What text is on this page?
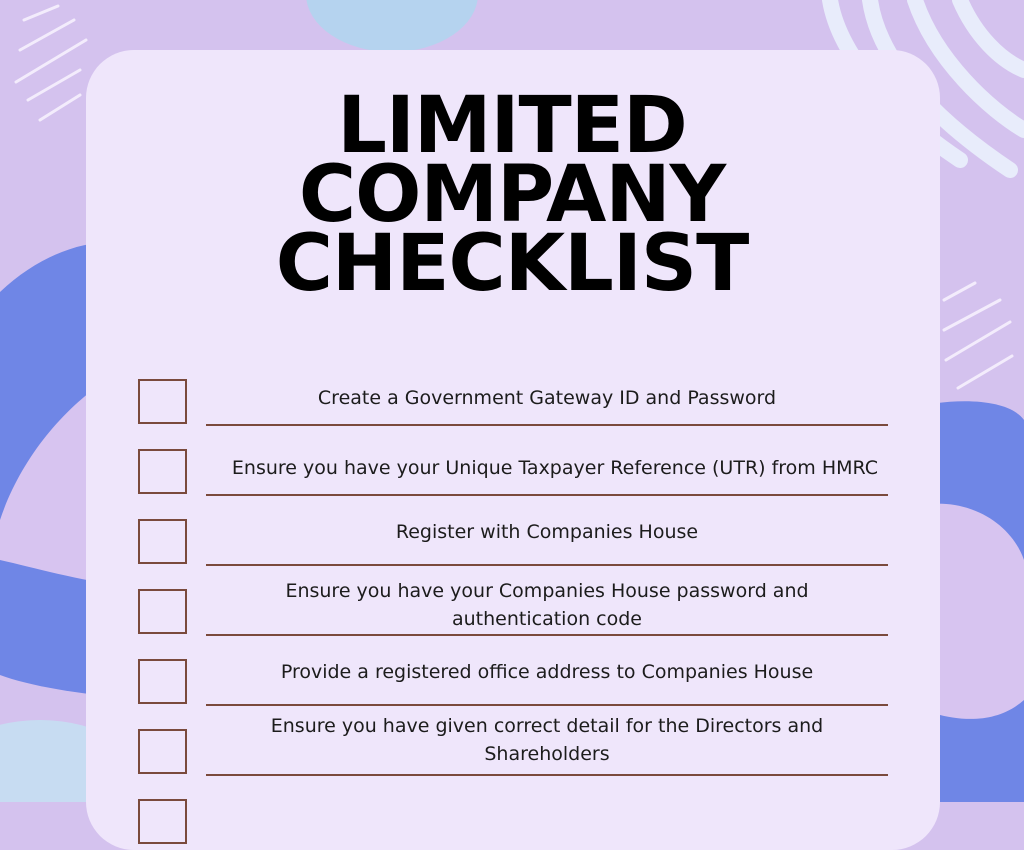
LIMITED
COMPANY
CHECKLIST

Create a Government Gateway ID and Password

Ensure you have your Unique Taxpayer Reference (UTR) from HMRC

Register with Companies House

Ensure you have your Companies House password and authentication code

Provide a registered office address to Companies House

Ensure you have given correct detail for the Directors and Shareholders
